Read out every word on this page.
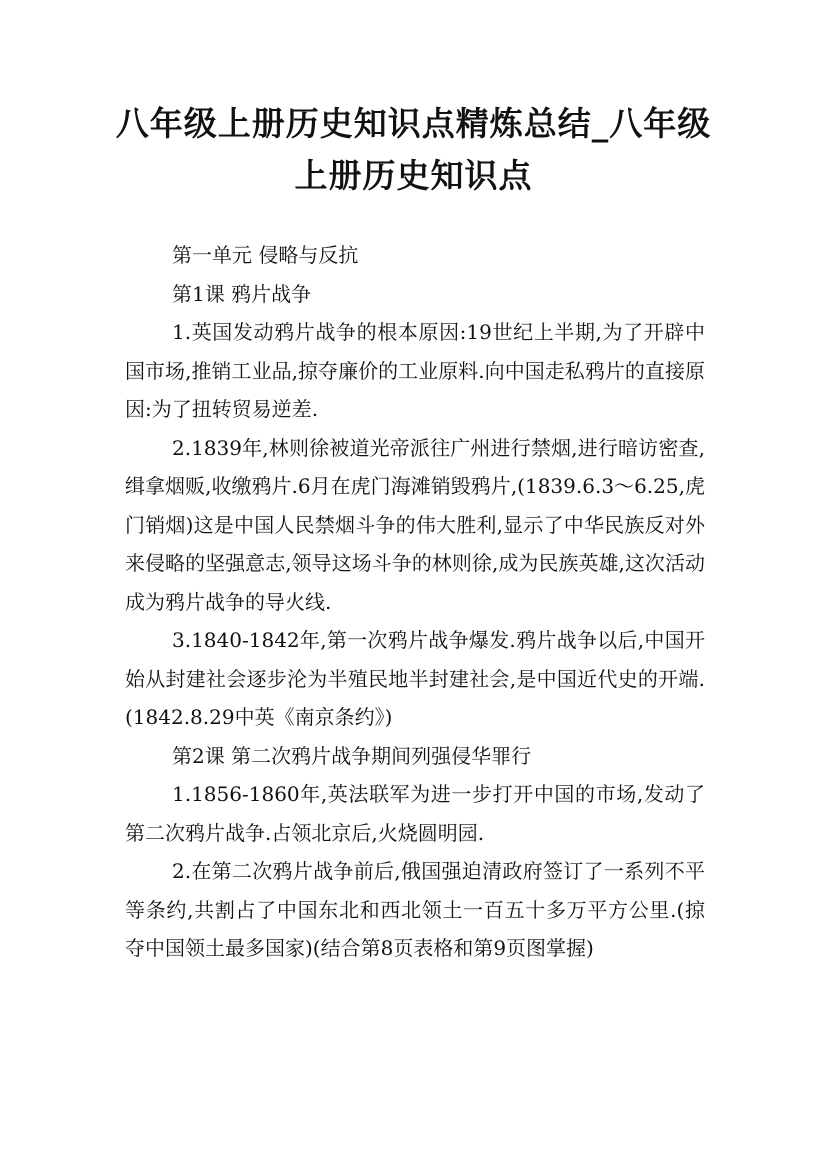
八年级上册历史知识点精炼总结_八年级上册历史知识点

第一单元 侵略与反抗

第1课 鸦片战争

1.英国发动鸦片战争的根本原因:19世纪上半期,为了开辟中国市场,推销工业品,掠夺廉价的工业原料.向中国走私鸦片的直接原因:为了扭转贸易逆差.

2.1839年,林则徐被道光帝派往广州进行禁烟,进行暗访密查,缉拿烟贩,收缴鸦片.6月在虎门海滩销毁鸦片,(1839.6.3～6.25,虎门销烟)这是中国人民禁烟斗争的伟大胜利,显示了中华民族反对外来侵略的坚强意志,领导这场斗争的林则徐,成为民族英雄,这次活动成为鸦片战争的导火线.

3.1840-1842年,第一次鸦片战争爆发.鸦片战争以后,中国开始从封建社会逐步沦为半殖民地半封建社会,是中国近代史的开端.(1842.8.29中英《南京条约》)

第2课 第二次鸦片战争期间列强侵华罪行

1.1856-1860年,英法联军为进一步打开中国的市场,发动了第二次鸦片战争.占领北京后,火烧圆明园.

2.在第二次鸦片战争前后,俄国强迫清政府签订了一系列不平等条约,共割占了中国东北和西北领土一百五十多万平方公里.(掠夺中国领土最多国家)(结合第8页表格和第9页图掌握)
